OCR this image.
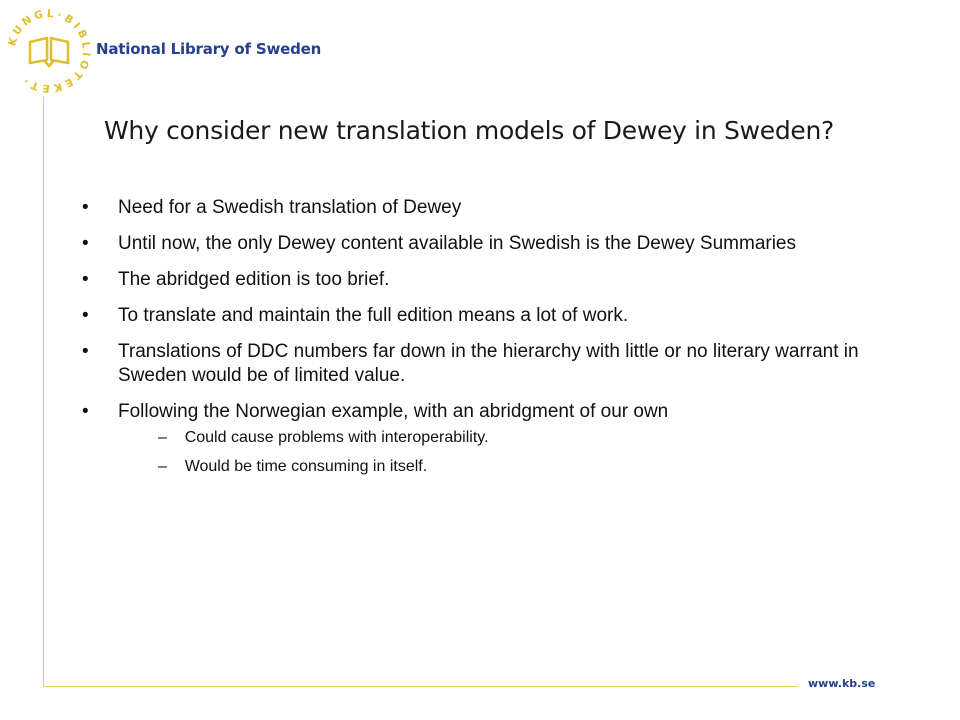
KUNGL·BIBLIOTEKET·
National Library of Sweden
www.kb.se
Why consider new translation models of Dewey in Sweden?
• Need for a Swedish translation of Dewey
• Until now, the only Dewey content available in Swedish is the Dewey Summaries
• The abridged edition is too brief.
• To translate and maintain the full edition means a lot of work.
• Translations of DDC numbers far down in the hierarchy with little or no literary warrant in Sweden would be of limited value.
• Following the Norwegian example, with an abridgment of our own
– Could cause problems with interoperability.
– Would be time consuming in itself.
